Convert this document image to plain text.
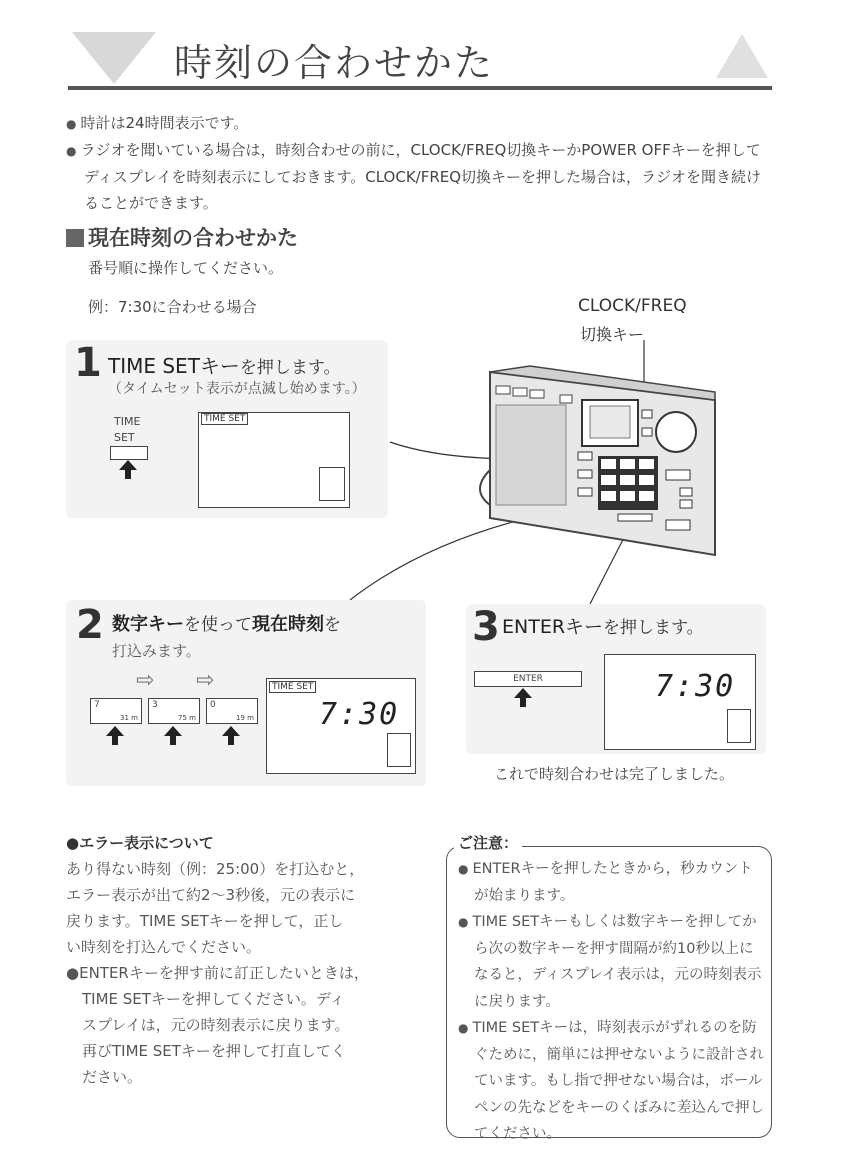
時刻の合わせかた

● 時計は24時間表示です。

● ラジオを聞いている場合は，時刻合わせの前に，CLOCK/FREQ切換キーかPOWER OFFキーを押してディスプレイを時刻表示にしておきます。CLOCK/FREQ切換キーを押した場合は，ラジオを聞き続けることができます。

現在時刻の合わせかた
番号順に操作してください。
例：7:30に合わせる場合	CLOCK/FREQ
切換キー
1 TIME SETキーを押します。
（タイムセット表示が点滅し始めます。）
TIME
SET
TIME SET
2 数字キーを使って現在時刻を
打込みます。
⇨ ⇨
7
31 m
3
75 m
0
19 m
TIME SET
7:30
3 ENTERキーを押します。
ENTER	7:30
これで時刻合わせは完了しました。
●エラー表示について

あり得ない時刻（例：25:00）を打込むと，

エラー表示が出て約2〜3秒後，元の表示に

戻ります。TIME SETキーを押して，正し

い時刻を打込んでください。

●ENTERキーを押す前に訂正したいときは，

TIME SETキーを押してください。ディ

スプレイは，元の時刻表示に戻ります。

再びTIME SETキーを押して打直してく

ださい。

ご注意：

● ENTERキーを押したときから，秒カウントが始まります。

● TIME SETキーもしくは数字キーを押してから次の数字キーを押す間隔が約10秒以上になると，ディスプレイ表示は，元の時刻表示に戻ります。

● TIME SETキーは，時刻表示がずれるのを防ぐために，簡単には押せないように設計されています。もし指で押せない場合は，ボールペンの先などをキーのくぼみに差込んで押してください。
